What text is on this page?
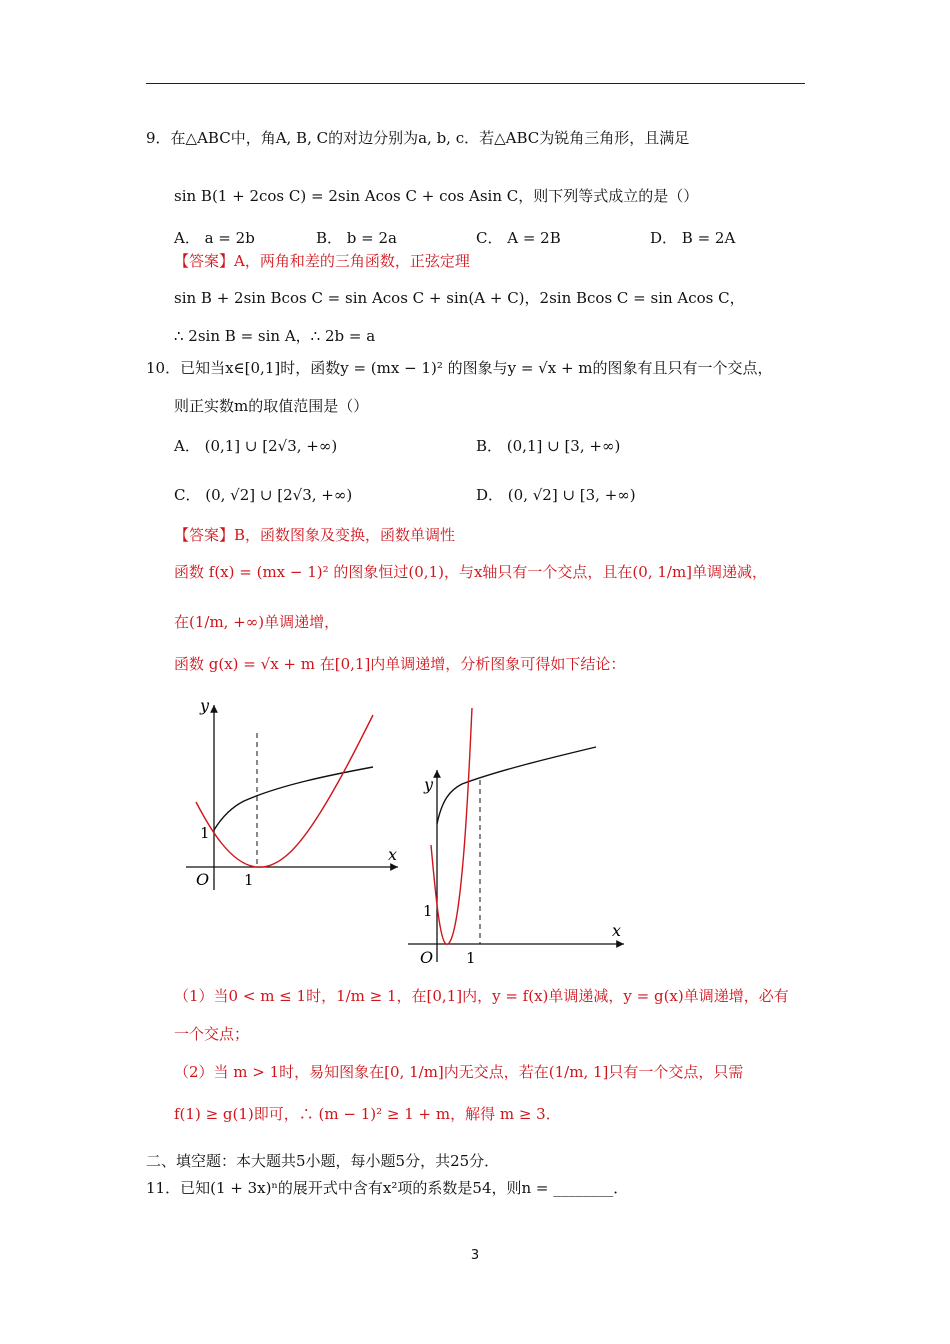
9．在△ABC中，角A, B, C的对边分别为a, b, c．若△ABC为锐角三角形，且满足
sin B(1 + 2cos C) = 2sin Acos C + cos Asin C，则下列等式成立的是（）
A． a = 2b	B． b = 2a	C． A = 2B	D． B = 2A
【答案】A，两角和差的三角函数，正弦定理
sin B + 2sin Bcos C = sin Acos C + sin(A + C)，2sin Bcos C = sin Acos C，
∴ 2sin B = sin A，∴ 2b = a
10．已知当x∈[0,1]时，函数y = (mx − 1)² 的图象与y = √x + m的图象有且只有一个交点，
则正实数m的取值范围是（）
A． (0,1] ∪ [2√3, +∞)	B． (0,1] ∪ [3, +∞)
C． (0, √2] ∪ [2√3, +∞)	D． (0, √2] ∪ [3, +∞)
【答案】B，函数图象及变换，函数单调性
函数 f(x) = (mx − 1)² 的图象恒过(0,1)，与x轴只有一个交点，且在(0, 1/m]单调递减，
在(1/m, +∞)单调递增，
函数 g(x) = √x + m 在[0,1]内单调递增，分析图象可得如下结论：
y
x
O 1
1
y
x
O 1
1
（1）当0 < m ≤ 1时，1/m ≥ 1，在[0,1]内，y = f(x)单调递减，y = g(x)单调递增，必有
一个交点；
（2）当 m > 1时，易知图象在[0, 1/m]内无交点，若在(1/m, 1]只有一个交点，只需
f(1) ≥ g(1)即可，∴ (m − 1)² ≥ 1 + m，解得 m ≥ 3．
二、填空题：本大题共5小题，每小题5分，共25分．
11．已知(1 + 3x)ⁿ的展开式中含有x²项的系数是54，则n = ________．
3
